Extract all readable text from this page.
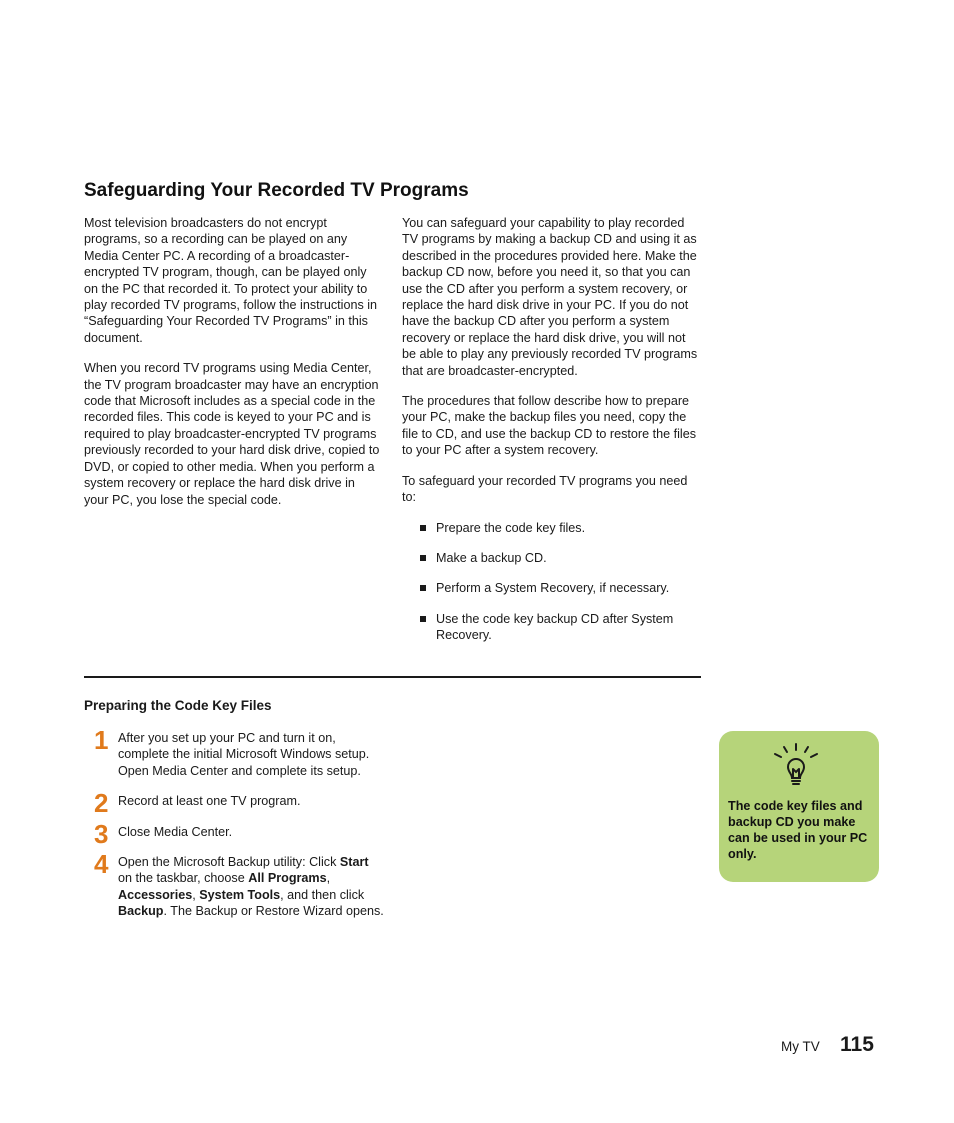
Safeguarding Your Recorded TV Programs

Most television broadcasters do not encrypt programs, so a recording can be played on any Media Center PC. A recording of a broadcaster-encrypted TV program, though, can be played only on the PC that recorded it. To protect your ability to play recorded TV programs, follow the instructions in “Safeguarding Your Recorded TV Programs” in this document.

When you record TV programs using Media Center, the TV program broadcaster may have an encryption code that Microsoft includes as a special code in the recorded files. This code is keyed to your PC and is required to play broadcaster-encrypted TV programs previously recorded to your hard disk drive, copied to DVD, or copied to other media. When you perform a system recovery or replace the hard disk drive in your PC, you lose the special code.

You can safeguard your capability to play recorded TV programs by making a backup CD and using it as described in the procedures provided here. Make the backup CD now, before you need it, so that you can use the CD after you perform a system recovery, or replace the hard disk drive in your PC. If you do not have the backup CD after you perform a system recovery or replace the hard disk drive, you will not be able to play any previously recorded TV programs that are broadcaster-encrypted.

The procedures that follow describe how to prepare your PC, make the backup files you need, copy the file to CD, and use the backup CD to restore the files to your PC after a system recovery.

To safeguard your recorded TV programs you need to:

Prepare the code key files.
Make a backup CD.
Perform a System Recovery, if necessary.
Use the code key backup CD after System Recovery.
Preparing the Code Key Files
1 After you set up your PC and turn it on, complete the initial Microsoft Windows setup. Open Media Center and complete its setup.
2 Record at least one TV program.
3 Close Media Center.
4 Open the Microsoft Backup utility: Click Start on the taskbar, choose All Programs, Accessories, System Tools, and then click Backup. The Backup or Restore Wizard opens.

The code key files and backup CD you make can be used in your PC only.

My TV 115
